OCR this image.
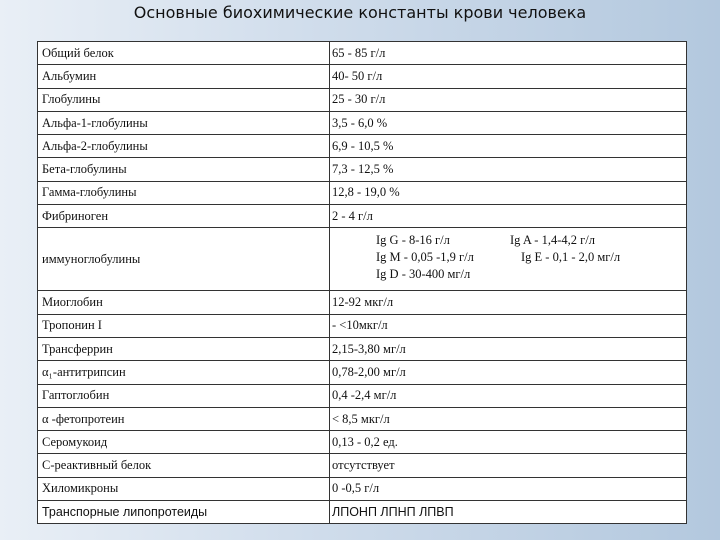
Основные биохимические константы крови человека
Общий белок	65 - 85 г/л
Альбумин	40- 50 г/л
Глобулины	25 - 30 г/л
Альфа-1-глобулины	3,5 - 6,0 %
Альфа-2-глобулины	6,9 - 10,5 %
Бета-глобулины	7,3 - 12,5 %
Гамма-глобулины	12,8 - 19,0 %
Фибриноген	2 - 4 г/л
иммуноглобулины	Ig G - 8-16 г/л Ig A - 1,4-4,2 г/л
Ig M - 0,05 -1,9 г/л Ig E - 0,1 - 2,0 мг/л
Ig D - 30-400 мг/л

Миоглобин	12-92 мкг/л
Тропонин I	- <10мкг/л
Трансферрин	2,15-3,80 мг/л
α₁-антитрипсин	0,78-2,00 мг/л
Гаптоглобин	0,4 -2,4 мг/л
α -фетопротеин	< 8,5 мкг/л
Серомукоид	0,13 - 0,2 ед.
С-реактивный белок	отсутствует
Хиломикроны	0 -0,5 г/л
Транспорные липопротеиды	ЛПОНП ЛПНП ЛПВП
